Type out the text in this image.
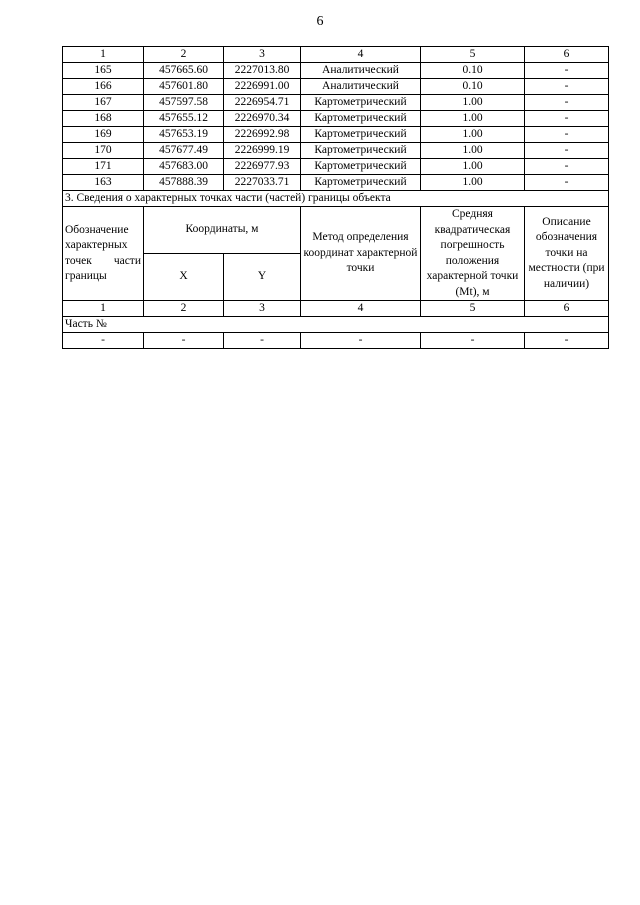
6
1	2	3	4	5	6
165	457665.60	2227013.80	Аналитический	0.10	-
166	457601.80	2226991.00	Аналитический	0.10	-
167	457597.58	2226954.71	Картометрический	1.00	-
168	457655.12	2226970.34	Картометрический	1.00	-
169	457653.19	2226992.98	Картометрический	1.00	-
170	457677.49	2226999.19	Картометрический	1.00	-
171	457683.00	2226977.93	Картометрический	1.00	-
163	457888.39	2227033.71	Картометрический	1.00	-
3. Сведения о характерных точках части (частей) границы объекта					
Обозначение характерных точек части границы	Координаты, м		Метод определения координат характерной точки	Средняя квадратическая погрешность положения характерной точки (Mt), м	Описание обозначения точки на местности (при наличии)
	X	Y			
1	2	3	4	5	6
Часть №					
-	-	-	-	-	-
